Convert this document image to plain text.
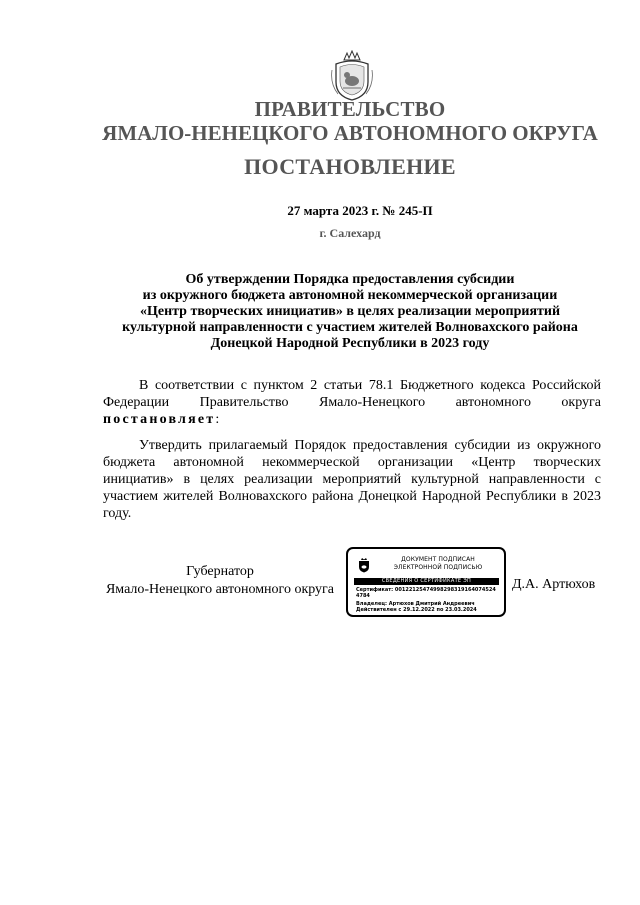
ПРАВИТЕЛЬСТВО
ЯМАЛО-НЕНЕЦКОГО АВТОНОМНОГО ОКРУГА
ПОСТАНОВЛЕНИЕ
27 марта 2023 г. № 245-П
г. Салехард
Об утверждении Порядка предоставления субсидии
из окружного бюджета автономной некоммерческой организации
«Центр творческих инициатив» в целях реализации мероприятий
культурной направленности с участием жителей Волновахского района
Донецкой Народной Республики в 2023 году
В соответствии с пунктом 2 статьи 78.1 Бюджетного кодекса Российской Федерации Правительство Ямало-Ненецкого автономного округа постановляет:
Утвердить прилагаемый Порядок предоставления субсидии из окружного бюджета автономной некоммерческой организации «Центр творческих инициатив» в целях реализации мероприятий культурной направленности с участием жителей Волновахского района Донецкой Народной Республики в 2023 году.
Губернатор
Ямало-Ненецкого автономного округа
ДОКУМЕНТ ПОДПИСАН
ЭЛЕКТРОННОЙ ПОДПИСЬЮ
СВЕДЕНИЯ О СЕРТИФИКАТЕ ЭП
Сертификат: 00122125474998298319164074524
4784
Владелец: Артюхов Дмитрий Андреевич
Действителен с 29.12.2022 по 23.03.2024
Д.А. Артюхов
